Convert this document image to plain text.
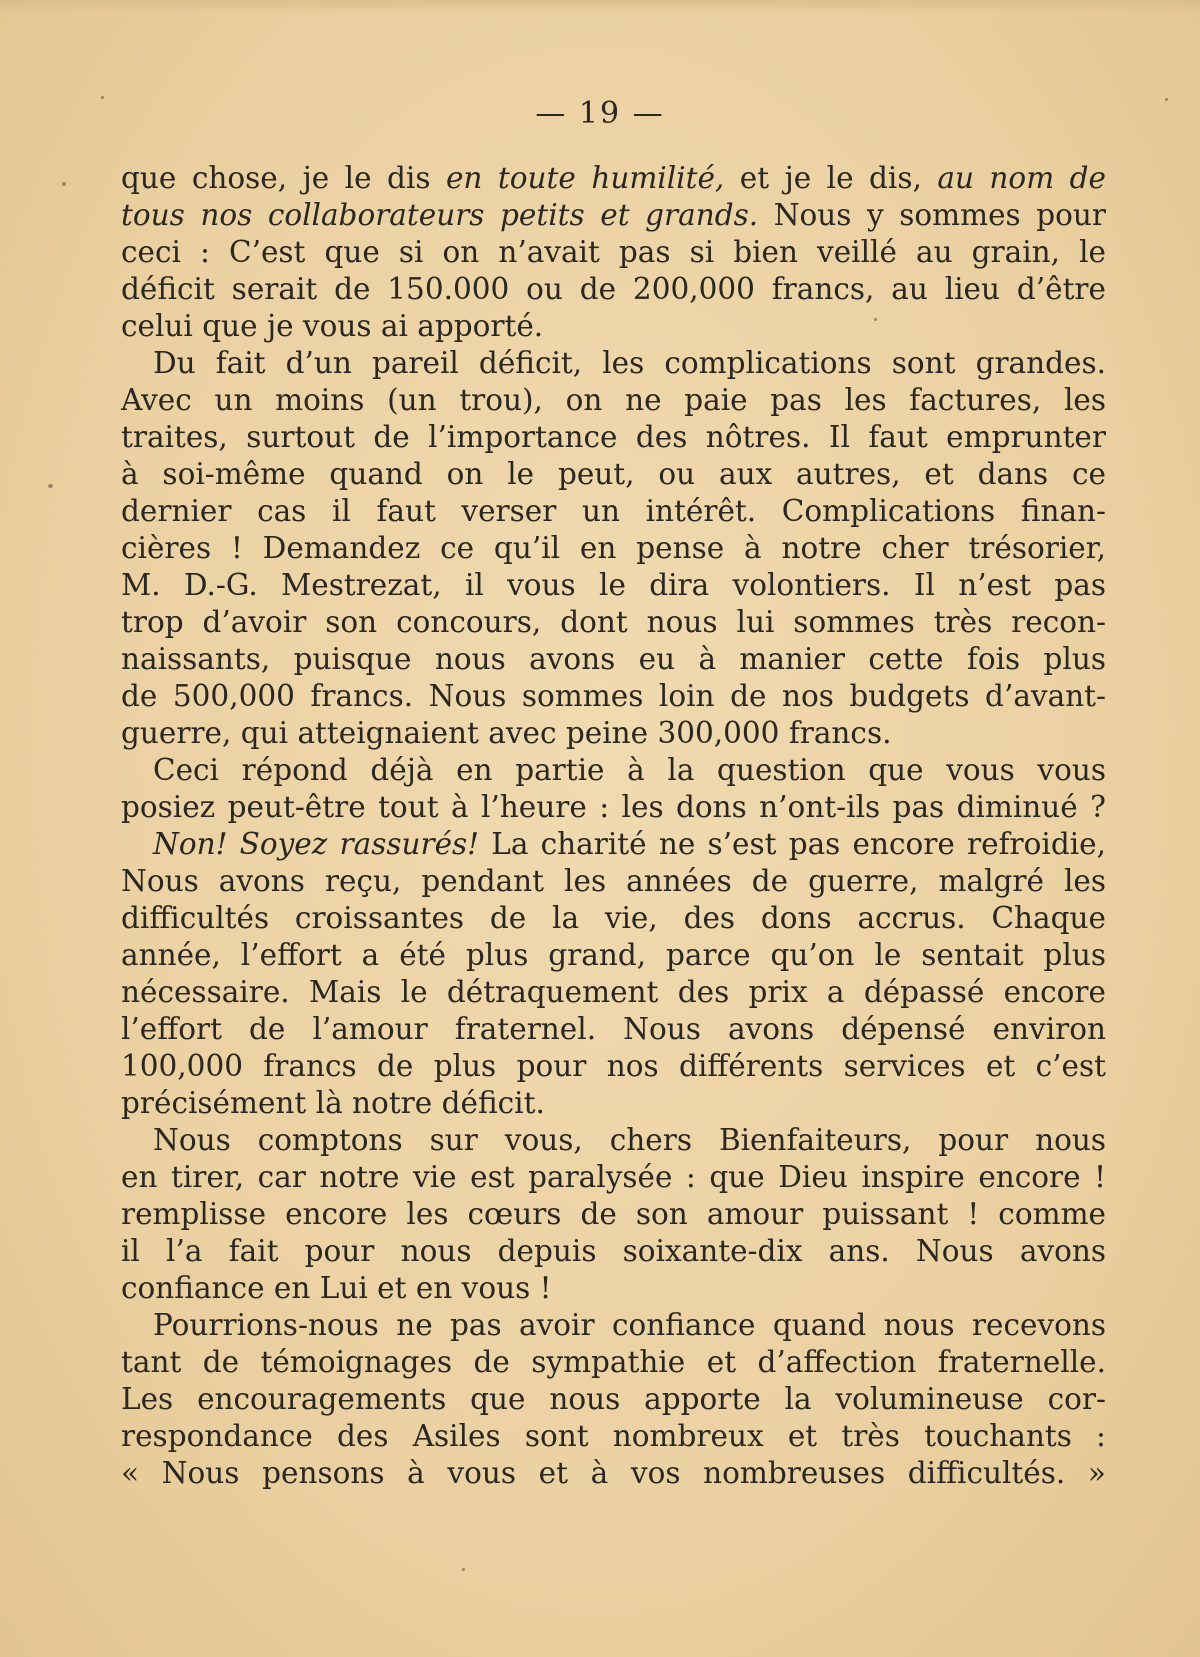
— 19 —
que chose, je le dis en toute humilité, et je le dis, au nom de
tous nos collaborateurs petits et grands. Nous y sommes pour
ceci : C’est que si on n’avait pas si bien veillé au grain, le
déficit serait de 150.000 ou de 200,000 francs, au lieu d’être
celui que je vous ai apporté.
Du fait d’un pareil déficit, les complications sont grandes.
Avec un moins (un trou), on ne paie pas les factures, les
traites, surtout de l’importance des nôtres. Il faut emprunter
à soi-même quand on le peut, ou aux autres, et dans ce
dernier cas il faut verser un intérêt. Complications finan-
cières ! Demandez ce qu’il en pense à notre cher trésorier,
M. D.-G. Mestrezat, il vous le dira volontiers. Il n’est pas
trop d’avoir son concours, dont nous lui sommes très recon-
naissants, puisque nous avons eu à manier cette fois plus
de 500,000 francs. Nous sommes loin de nos budgets d’avant-
guerre, qui atteignaient avec peine 300,000 francs.
Ceci répond déjà en partie à la question que vous vous
posiez peut-être tout à l’heure : les dons n’ont-ils pas diminué ?
Non! Soyez rassurés! La charité ne s’est pas encore refroidie,
Nous avons reçu, pendant les années de guerre, malgré les
difficultés croissantes de la vie, des dons accrus. Chaque
année, l’effort a été plus grand, parce qu’on le sentait plus
nécessaire. Mais le détraquement des prix a dépassé encore
l’effort de l’amour fraternel. Nous avons dépensé environ
100,000 francs de plus pour nos différents services et c’est
précisément là notre déficit.
Nous comptons sur vous, chers Bienfaiteurs, pour nous
en tirer, car notre vie est paralysée : que Dieu inspire encore !
remplisse encore les cœurs de son amour puissant ! comme
il l’a fait pour nous depuis soixante-dix ans. Nous avons
confiance en Lui et en vous !
Pourrions-nous ne pas avoir confiance quand nous recevons
tant de témoignages de sympathie et d’affection fraternelle.
Les encouragements que nous apporte la volumineuse cor-
respondance des Asiles sont nombreux et très touchants :
« Nous pensons à vous et à vos nombreuses difficultés. »
